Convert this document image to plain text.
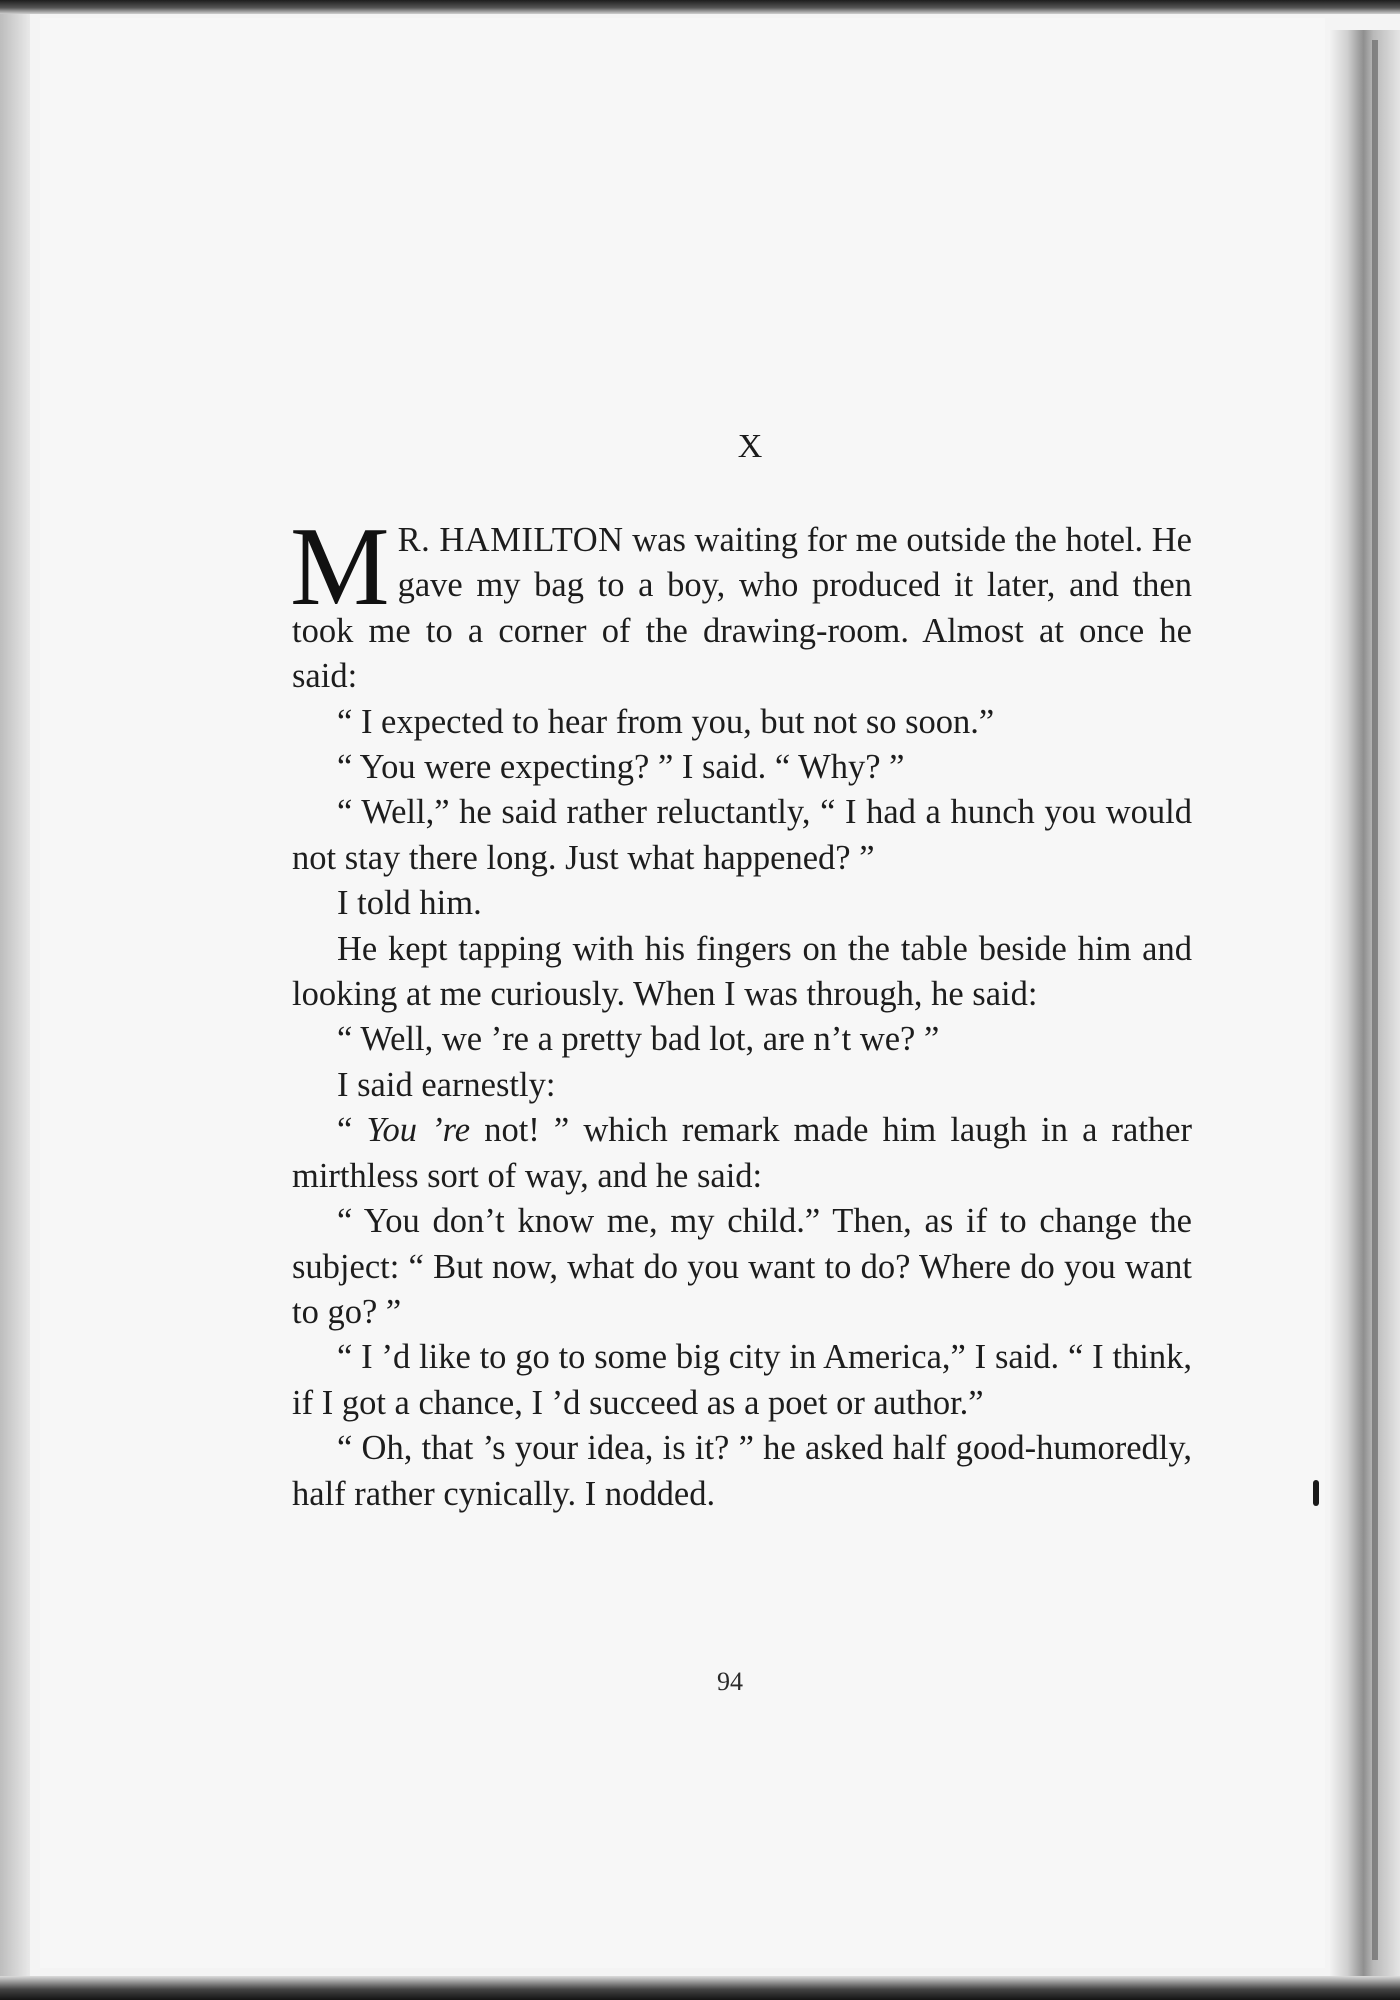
X

M R. HAMILTON was waiting for me outside the hotel. He gave my bag to a boy, who produced it later, and then took me to a corner of the drawing-room. Almost at once he said:

“ I expected to hear from you, but not so soon.”

“ You were expecting? ” I said. “ Why? ”

“ Well,” he said rather reluctantly, “ I had a hunch you would not stay there long. Just what happened? ”

I told him.

He kept tapping with his fingers on the table beside him and looking at me curiously. When I was through, he said:

“ Well, we ’re a pretty bad lot, are n’t we? ”

I said earnestly:

“ You ’re not! ” which remark made him laugh in a rather mirthless sort of way, and he said:

“ You don’t know me, my child.” Then, as if to change the subject: “ But now, what do you want to do? Where do you want to go? ”

“ I ’d like to go to some big city in America,” I said. “ I think, if I got a chance, I ’d succeed as a poet or author.”

“ Oh, that ’s your idea, is it? ” he asked half good-humoredly, half rather cynically. I nodded.

94
